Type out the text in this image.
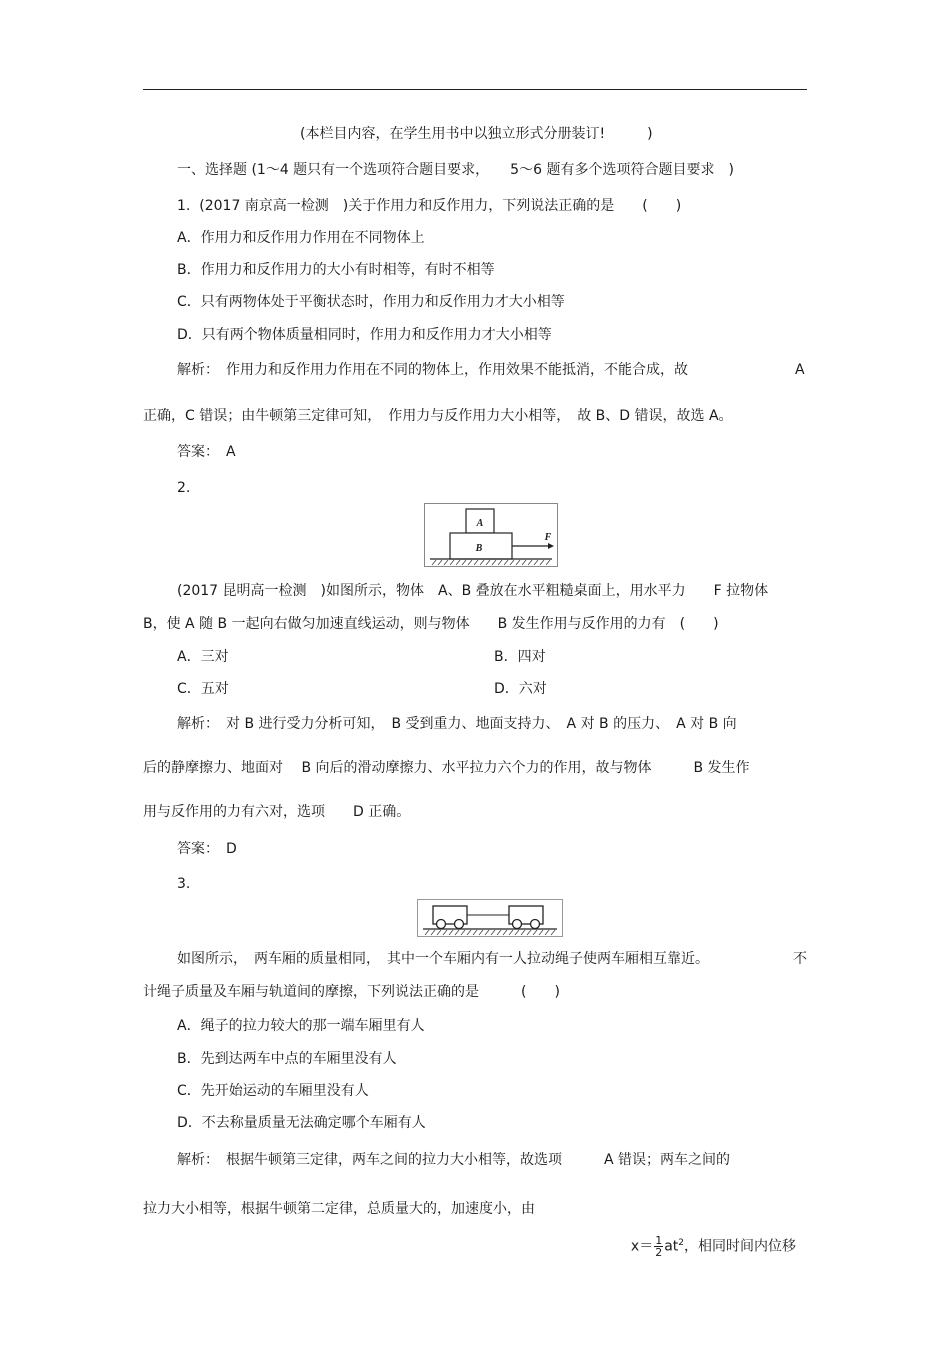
(本栏目内容，在学生用书中以独立形式分册装订!　　　)
一、选择题 (1～4 题只有一个选项符合题目要求，　　5～6 题有多个选项符合题目要求　)
1.  (2017 南京高一检测　)关于作用力和反作用力，下列说法正确的是　　(　　)
A．作用力和反作用力作用在不同物体上
B．作用力和反作用力的大小有时相等，有时不相等
C．只有两物体处于平衡状态时，作用力和反作用力才大小相等
D．只有两个物体质量相同时，作用力和反作用力才大小相等
解析：　作用力和反作用力作用在不同的物体上，作用效果不能抵消，不能合成，故	A
正确，C 错误；由牛顿第三定律可知，　作用力与反作用力大小相等，　故 B、D 错误，故选 A。
答案：　A
2.
A
B
F
(2017 昆明高一检测　)如图所示，物体　A、B 叠放在水平粗糙桌面上，用水平力　　F 拉物体
B，使 A 随 B 一起向右做匀加速直线运动，则与物体　　B 发生作用与反作用的力有　(　　)
A．三对	B．四对
C．五对	D．六对
解析：　对 B 进行受力分析可知，　B 受到重力、地面支持力、　A 对 B 的压力、　A 对 B 向
后的静摩擦力、地面对　 B 向后的滑动摩擦力、水平拉力六个力的作用，故与物体　　　B 发生作
用与反作用的力有六对，选项　　D 正确。
答案：　D
3.
如图所示，　两车厢的质量相同，　其中一个车厢内有一人拉动绳子使两车厢相互靠近。	不
计绳子质量及车厢与轨道间的摩擦，下列说法正确的是　　　(　　)
A．绳子的拉力较大的那一端车厢里有人
B．先到达两车中点的车厢里没有人
C．先开始运动的车厢里没有人
D．不去称量质量无法确定哪个车厢有人
解析：　根据牛顿第三定律，两车之间的拉力大小相等，故选项　　　A 错误；两车之间的
拉力大小相等，根据牛顿第二定律，总质量大的，加速度小，由

$x= \frac{1}{2} at^2$，相同时间内位移
